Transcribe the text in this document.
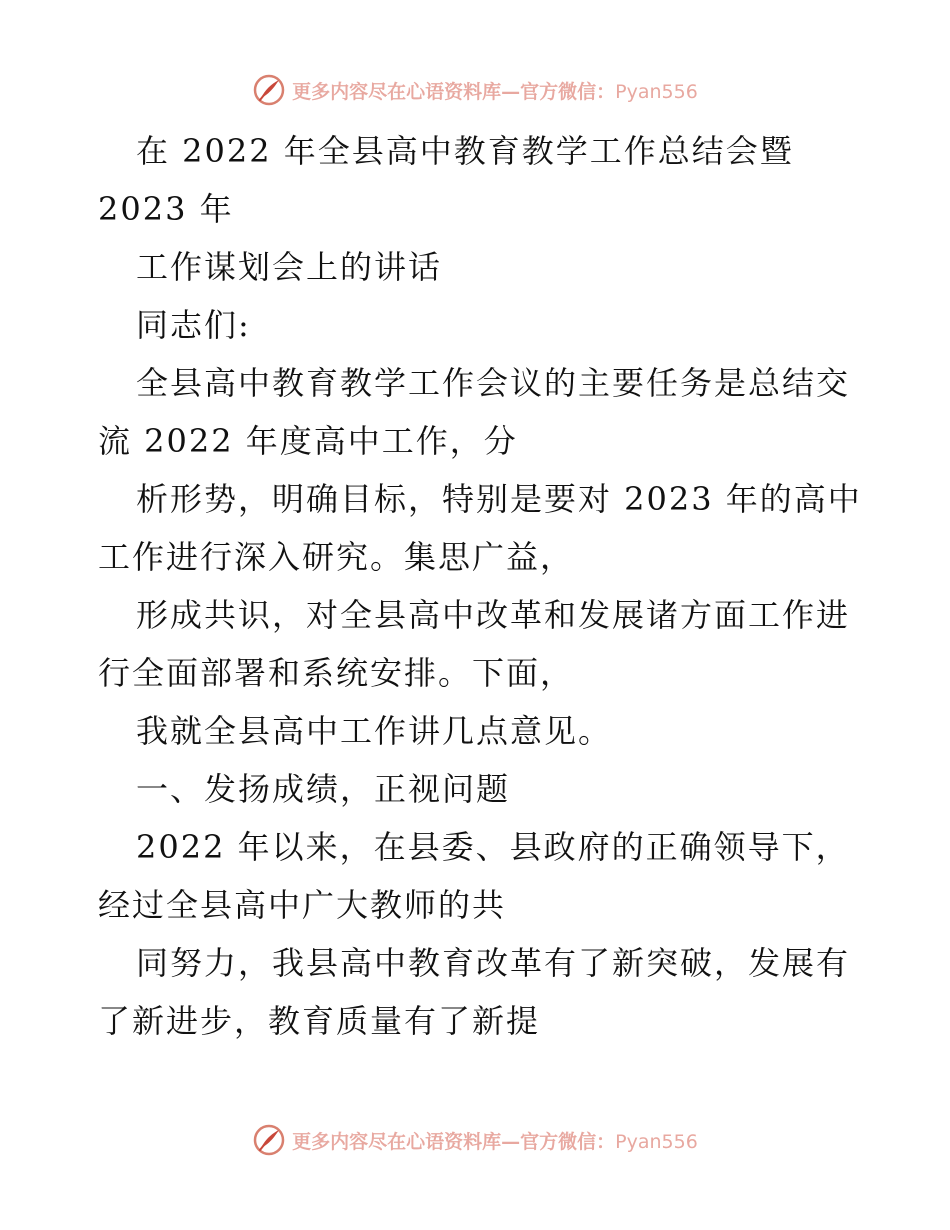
更多内容尽在心语资料库—官方微信：Pyan556
在 2022 年全县高中教育教学工作总结会暨
2023 年
工作谋划会上的讲话
同志们:
全县高中教育教学工作会议的主要任务是总结交
流 2022 年度高中工作，分
析形势，明确目标，特别是要对 2023 年的高中
工作进行深入研究。集思广益，
形成共识，对全县高中改革和发展诸方面工作进
行全面部署和系统安排。下面，
我就全县高中工作讲几点意见。
一、发扬成绩，正视问题
2022 年以来，在县委、县政府的正确领导下，
经过全县高中广大教师的共
同努力，我县高中教育改革有了新突破，发展有
了新进步，教育质量有了新提
更多内容尽在心语资料库—官方微信：Pyan556
